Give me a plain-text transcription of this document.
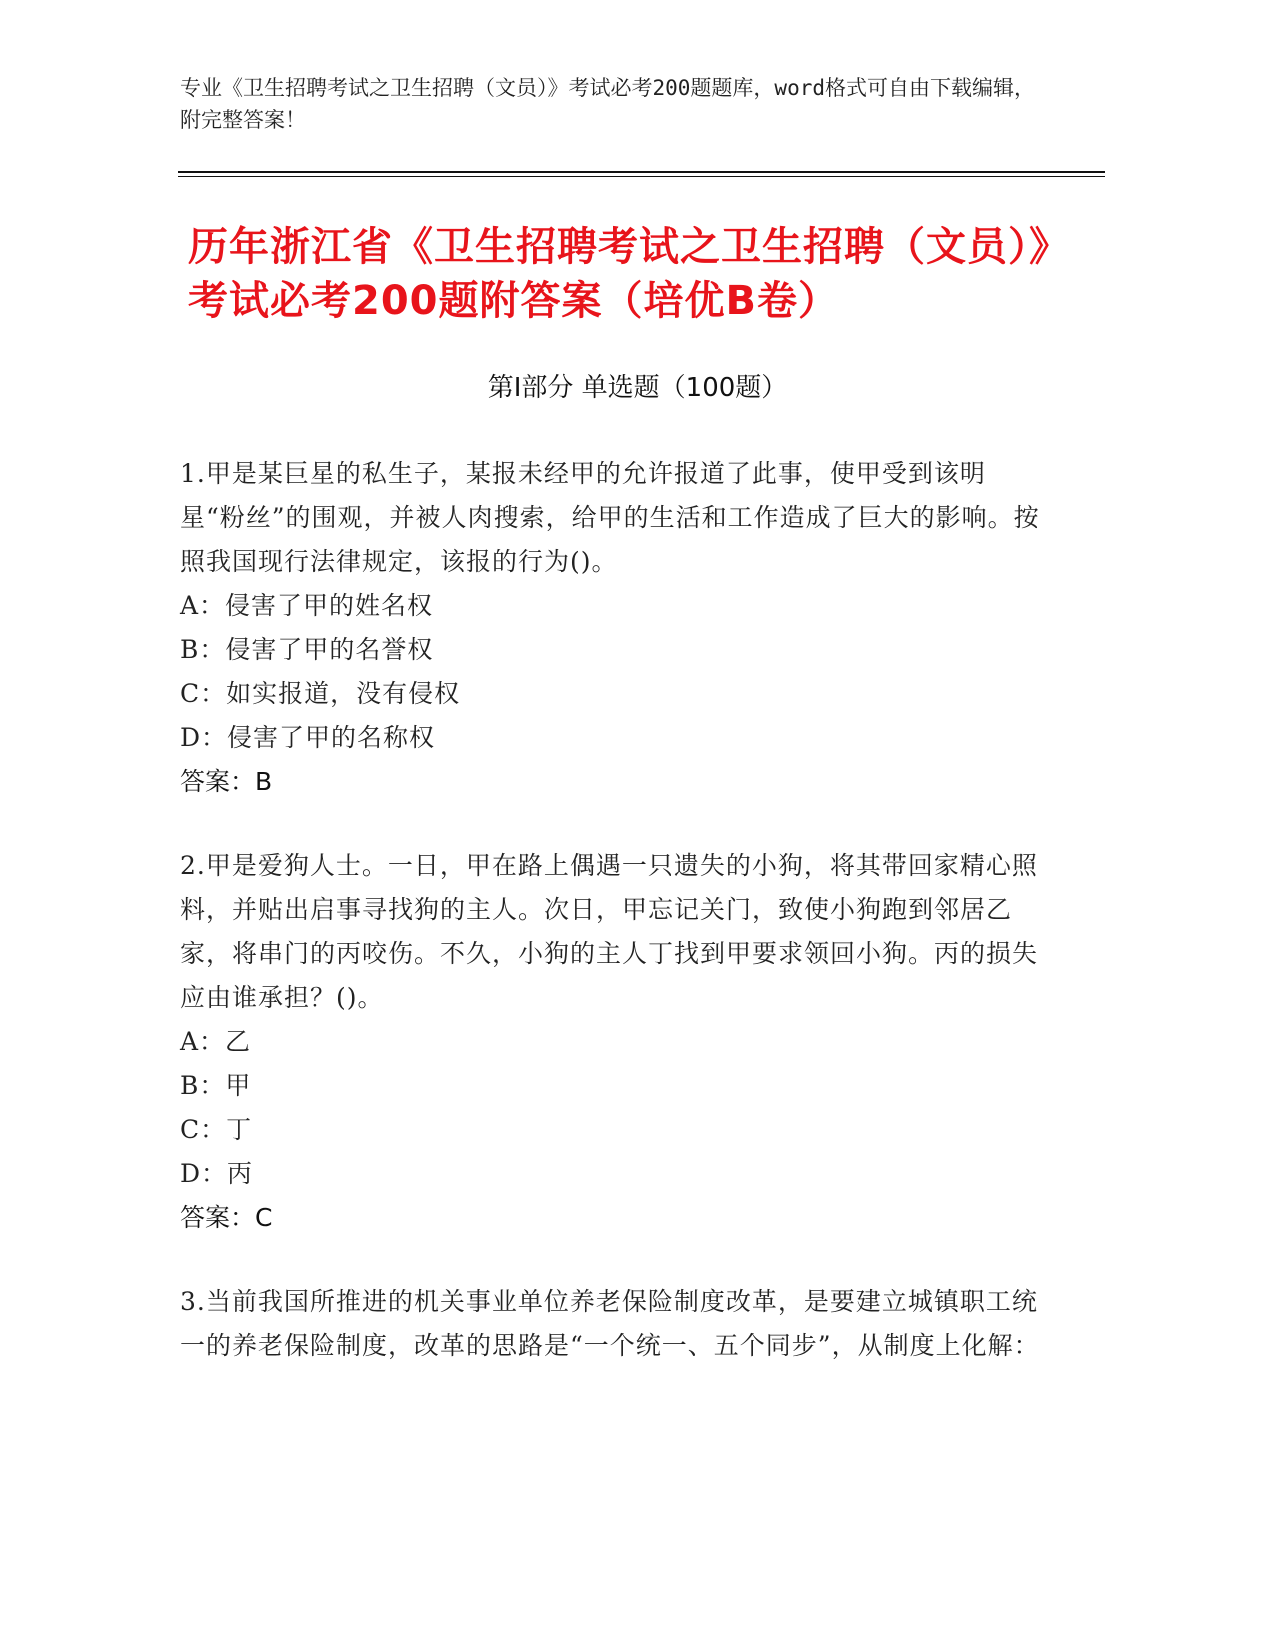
专业《卫生招聘考试之卫生招聘（文员）》考试必考200题题库，word格式可自由下载编辑，附完整答案！
历年浙江省《卫生招聘考试之卫生招聘（文员）》考试必考200题附答案（培优B卷）
第Ⅰ部分 单选题（100题）

1.甲是某巨星的私生子，某报未经甲的允许报道了此事，使甲受到该明星“粉丝”的围观，并被人肉搜索，给甲的生活和工作造成了巨大的影响。按照我国现行法律规定，该报的行为()。

A：侵害了甲的姓名权

B：侵害了甲的名誉权

C：如实报道，没有侵权

D：侵害了甲的名称权

答案：B

2.甲是爱狗人士。一日，甲在路上偶遇一只遗失的小狗，将其带回家精心照料，并贴出启事寻找狗的主人。次日，甲忘记关门，致使小狗跑到邻居乙家，将串门的丙咬伤。不久，小狗的主人丁找到甲要求领回小狗。丙的损失应由谁承担？()。

A：乙

B：甲

C：丁

D：丙

答案：C

3.当前我国所推进的机关事业单位养老保险制度改革，是要建立城镇职工统一的养老保险制度，改革的思路是“一个统一、五个同步”，从制度上化解：
